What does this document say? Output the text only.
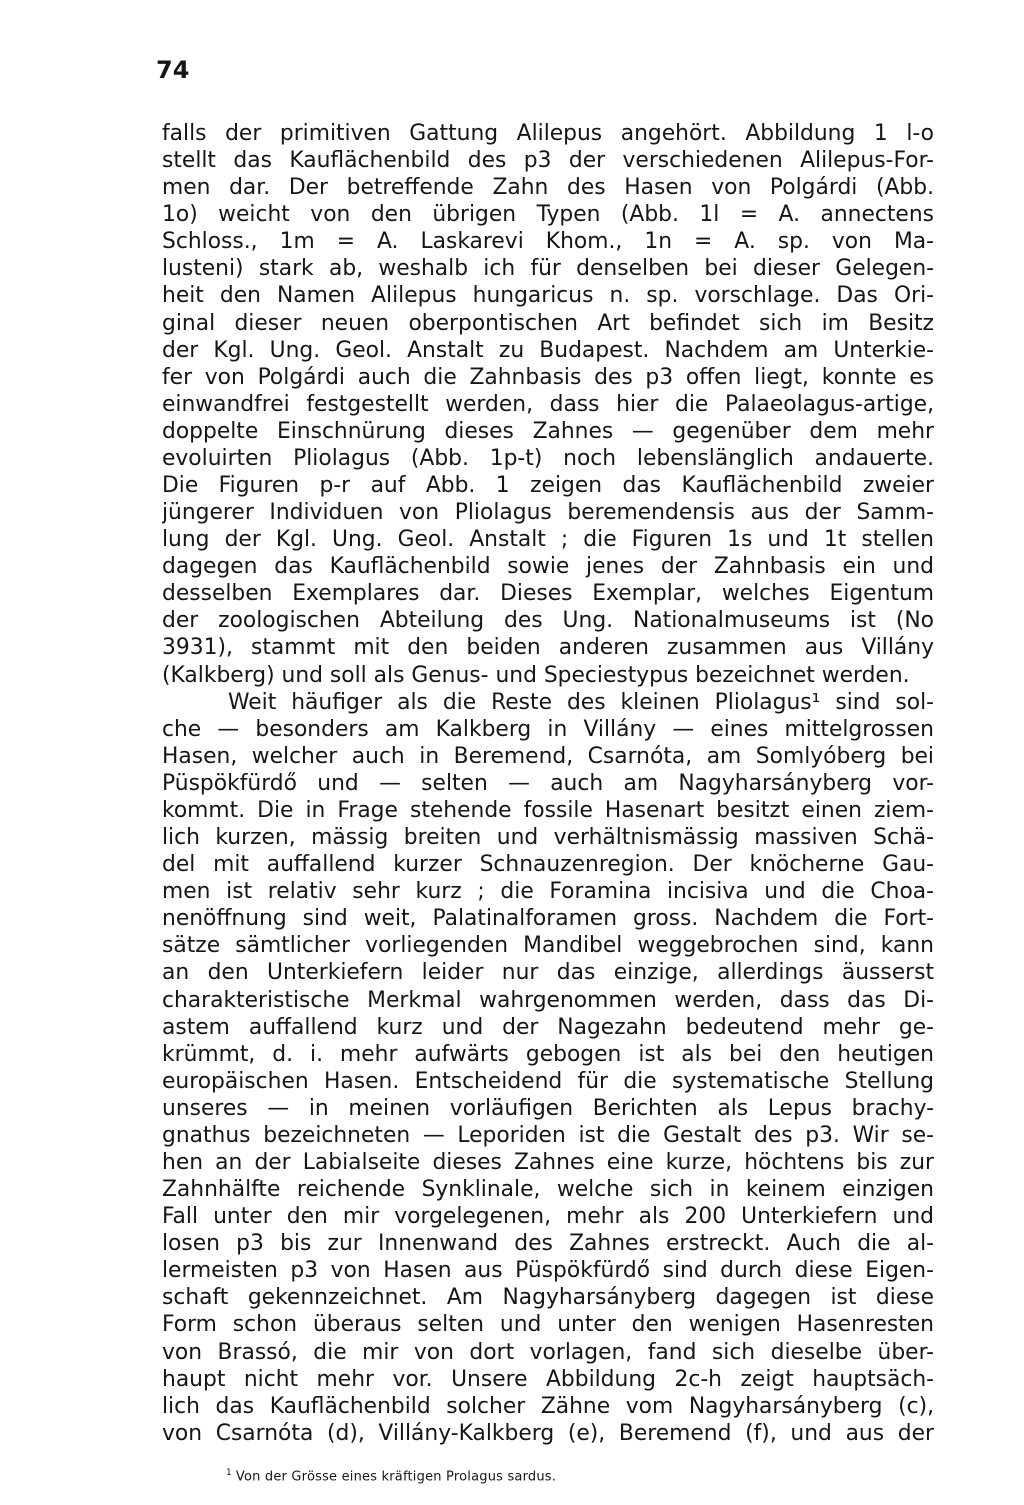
74
falls der primitiven Gattung Alilepus angehört. Abbildung 1 l-o
stellt das Kauflächenbild des p3 der verschiedenen Alilepus-For-
men dar. Der betreffende Zahn des Hasen von Polgárdi (Abb.
1o) weicht von den übrigen Typen (Abb. 1l = A. annectens
Schloss., 1m = A. Laskarevi Khom., 1n = A. sp. von Ma-
lusteni) stark ab, weshalb ich für denselben bei dieser Gelegen-
heit den Namen Alilepus hungaricus n. sp. vorschlage. Das Ori-
ginal dieser neuen oberpontischen Art befindet sich im Besitz
der Kgl. Ung. Geol. Anstalt zu Budapest. Nachdem am Unterkie-
fer von Polgárdi auch die Zahnbasis des p3 offen liegt, konnte es
einwandfrei festgestellt werden, dass hier die Palaeolagus-artige,
doppelte Einschnürung dieses Zahnes — gegenüber dem mehr
evoluirten Pliolagus (Abb. 1p-t) noch lebenslänglich andauerte.
Die Figuren p-r auf Abb. 1 zeigen das Kauflächenbild zweier
jüngerer Individuen von Pliolagus beremendensis aus der Samm-
lung der Kgl. Ung. Geol. Anstalt ; die Figuren 1s und 1t stellen
dagegen das Kauflächenbild sowie jenes der Zahnbasis ein und
desselben Exemplares dar. Dieses Exemplar, welches Eigentum
der zoologischen Abteilung des Ung. Nationalmuseums ist (No
3931), stammt mit den beiden anderen zusammen aus Villány
(Kalkberg) und soll als Genus- und Speciestypus bezeichnet werden.
Weit häufiger als die Reste des kleinen Pliolagus¹ sind sol-
che — besonders am Kalkberg in Villány — eines mittelgrossen
Hasen, welcher auch in Beremend, Csarnóta, am Somlyóberg bei
Püspökfürdő und — selten — auch am Nagyharsányberg vor-
kommt. Die in Frage stehende fossile Hasenart besitzt einen ziem-
lich kurzen, mässig breiten und verhältnismässig massiven Schä-
del mit auffallend kurzer Schnauzenregion. Der knöcherne Gau-
men ist relativ sehr kurz ; die Foramina incisiva und die Choa-
nenöffnung sind weit, Palatinalforamen gross. Nachdem die Fort-
sätze sämtlicher vorliegenden Mandibel weggebrochen sind, kann
an den Unterkiefern leider nur das einzige, allerdings äusserst
charakteristische Merkmal wahrgenommen werden, dass das Di-
astem auffallend kurz und der Nagezahn bedeutend mehr ge-
krümmt, d. i. mehr aufwärts gebogen ist als bei den heutigen
europäischen Hasen. Entscheidend für die systematische Stellung
unseres — in meinen vorläufigen Berichten als Lepus brachy-
gnathus bezeichneten — Leporiden ist die Gestalt des p3. Wir se-
hen an der Labialseite dieses Zahnes eine kurze, höchtens bis zur
Zahnhälfte reichende Synklinale, welche sich in keinem einzigen
Fall unter den mir vorgelegenen, mehr als 200 Unterkiefern und
losen p3 bis zur Innenwand des Zahnes erstreckt. Auch die al-
lermeisten p3 von Hasen aus Püspökfürdő sind durch diese Eigen-
schaft gekennzeichnet. Am Nagyharsányberg dagegen ist diese
Form schon überaus selten und unter den wenigen Hasenresten
von Brassó, die mir von dort vorlagen, fand sich dieselbe über-
haupt nicht mehr vor. Unsere Abbildung 2c-h zeigt hauptsäch-
lich das Kauflächenbild solcher Zähne vom Nagyharsányberg (c),
von Csarnóta (d), Villány-Kalkberg (e), Beremend (f), und aus der
$^1$ Von der Grösse eines kräftigen Prolagus sardus.
